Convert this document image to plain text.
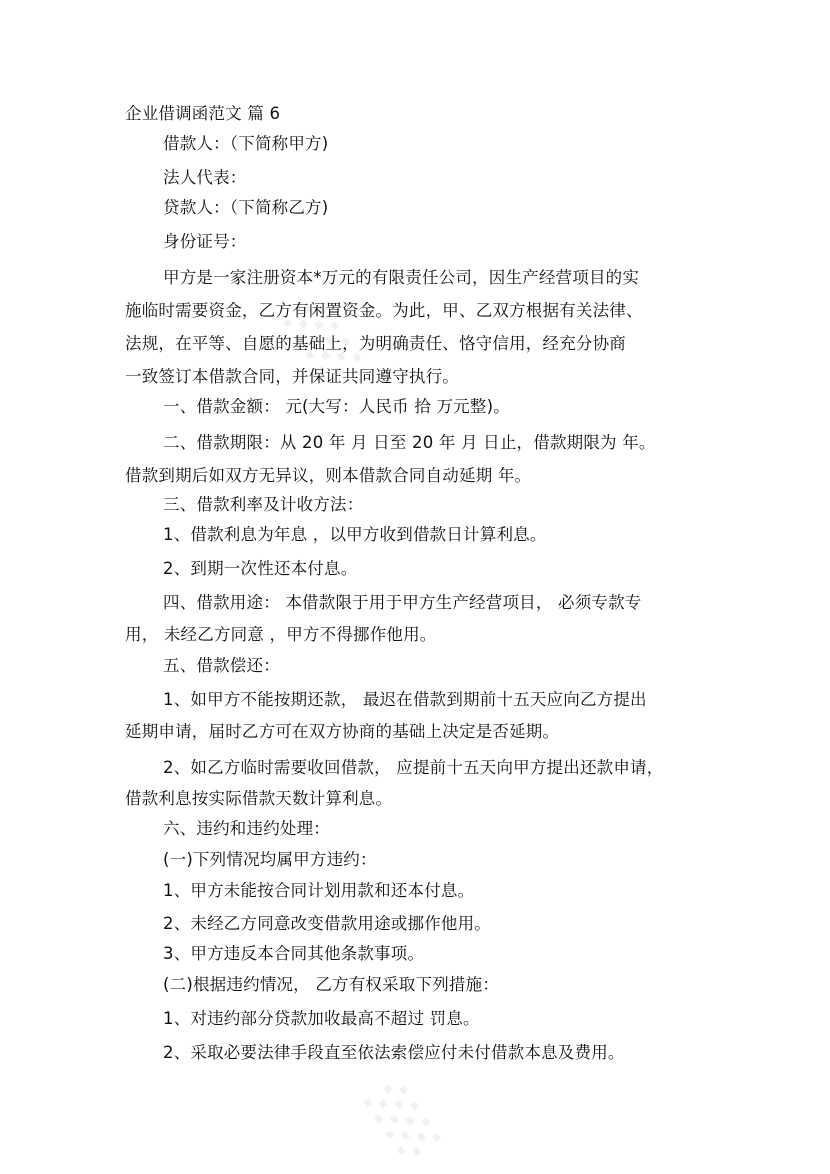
░
░
企业借调函范文 篇 6
借款人：（下简称甲方)
法人代表：
贷款人：（下简称乙方)
身份证号：
甲方是一家注册资本*万元的有限责任公司，因生产经营项目的实
施临时需要资金，乙方有闲置资金。为此，甲、乙双方根据有关法律、
法规，在平等、自愿的基础上，为明确责任、恪守信用，经充分协商
一致签订本借款合同，并保证共同遵守执行。
一、借款金额： 元(大写：人民币 拾 万元整)。
二、借款期限：从 20 年 月 日至 20 年 月 日止，借款期限为 年。
借款到期后如双方无异议，则本借款合同自动延期 年。
三、借款利率及计收方法：
1、借款利息为年息 ，以甲方收到借款日计算利息。
2、到期一次性还本付息。
四、借款用途： 本借款限于用于甲方生产经营项目， 必须专款专
用， 未经乙方同意 ，甲方不得挪作他用。
五、借款偿还：
1、如甲方不能按期还款， 最迟在借款到期前十五天应向乙方提出
延期申请，届时乙方可在双方协商的基础上决定是否延期。
2、如乙方临时需要收回借款， 应提前十五天向甲方提出还款申请，
借款利息按实际借款天数计算利息。
六、违约和违约处理：
(一)下列情况均属甲方违约：
1、甲方未能按合同计划用款和还本付息。
2、未经乙方同意改变借款用途或挪作他用。
3、甲方违反本合同其他条款事项。
(二)根据违约情况， 乙方有权采取下列措施：
1、对违约部分贷款加收最高不超过 罚息。
2、采取必要法律手段直至依法索偿应付未付借款本息及费用。
